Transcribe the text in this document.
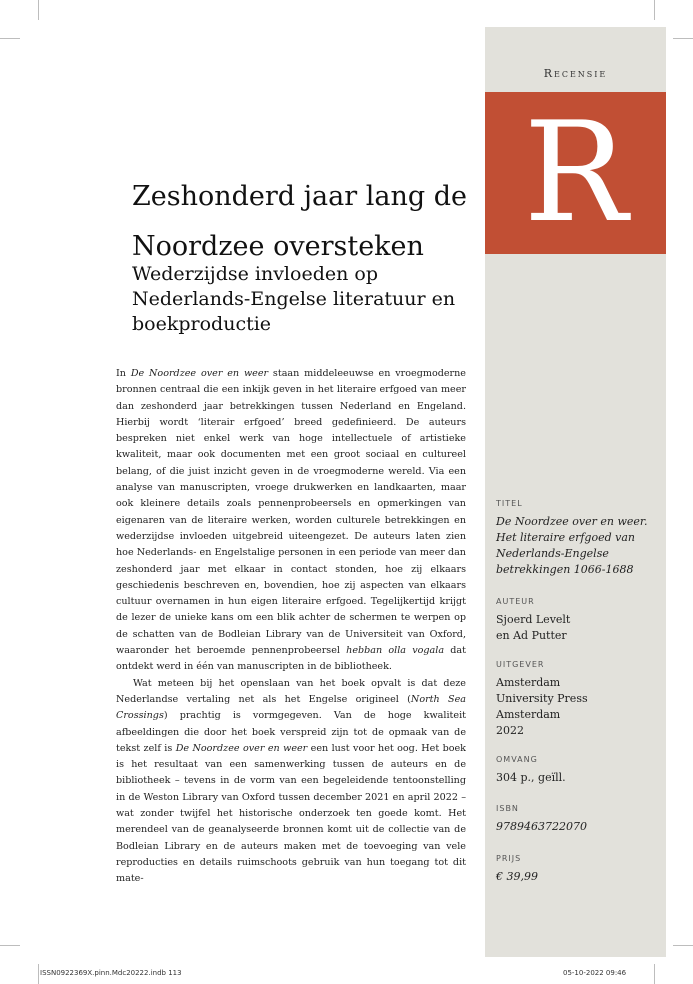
Recensie
R
TITEL
De Noordzee over en weer.
Het literaire erfgoed van
Nederlands-Engelse
betrekkingen 1066-1688
AUTEUR
Sjoerd Levelt
en Ad Putter
UITGEVER
Amsterdam
University Press
Amsterdam
2022
OMVANG
304 p., geïll.
ISBN
9789463722070
PRIJS
€ 39,99
Zeshonderd jaar lang de
Noordzee oversteken
Wederzijdse invloeden op Nederlands-Engelse literatuur en boekproductie

In De Noordzee over en weer staan middeleeuwse en vroegmoderne bronnen centraal die een inkijk geven in het literaire erfgoed van meer dan zeshonderd jaar betrekkingen tussen Nederland en Engeland. Hierbij wordt ‘literair erfgoed’ breed gedefinieerd. De auteurs bespreken niet enkel werk van hoge intellectuele of artistieke kwaliteit, maar ook documenten met een groot sociaal en cultureel belang, of die juist inzicht geven in de vroegmoderne wereld. Via een analyse van manuscripten, vroege drukwerken en landkaarten, maar ook kleinere details zoals pennenprobeersels en opmerkingen van eigenaren van de literaire werken, worden culturele betrekkingen en wederzijdse invloeden uitgebreid uiteengezet. De auteurs laten zien hoe Nederlands- en Engelstalige personen in een periode van meer dan zeshonderd jaar met elkaar in contact stonden, hoe zij elkaars geschiedenis beschreven en, bovendien, hoe zij aspecten van elkaars cultuur overnamen in hun eigen literaire erfgoed. Tegelijkertijd krijgt de lezer de unieke kans om een blik achter de schermen te werpen op de schatten van de Bodleian Library van de Universiteit van Oxford, waaronder het beroemde pennenprobeersel hebban olla vogala dat ontdekt werd in één van manuscripten in de bibliotheek.

Wat meteen bij het openslaan van het boek opvalt is dat deze Nederlandse vertaling net als het Engelse origineel (North Sea Crossings) prachtig is vormgegeven. Van de hoge kwaliteit afbeeldingen die door het boek verspreid zijn tot de opmaak van de tekst zelf is De Noordzee over en weer een lust voor het oog. Het boek is het resultaat van een samenwerking tussen de auteurs en de bibliotheek – tevens in de vorm van een begeleidende tentoonstelling in de Weston Library van Oxford tussen december 2021 en april 2022 – wat zonder twijfel het historische onderzoek ten goede komt. Het merendeel van de geanalyseerde bronnen komt uit de collectie van de Bodleian Library en de auteurs maken met de toevoeging van vele reproducties en details ruimschoots gebruik van hun toegang tot dit mate-

ISSN0922369X.pinn.Mdc20222.indb 113	05-10-2022 09:46
